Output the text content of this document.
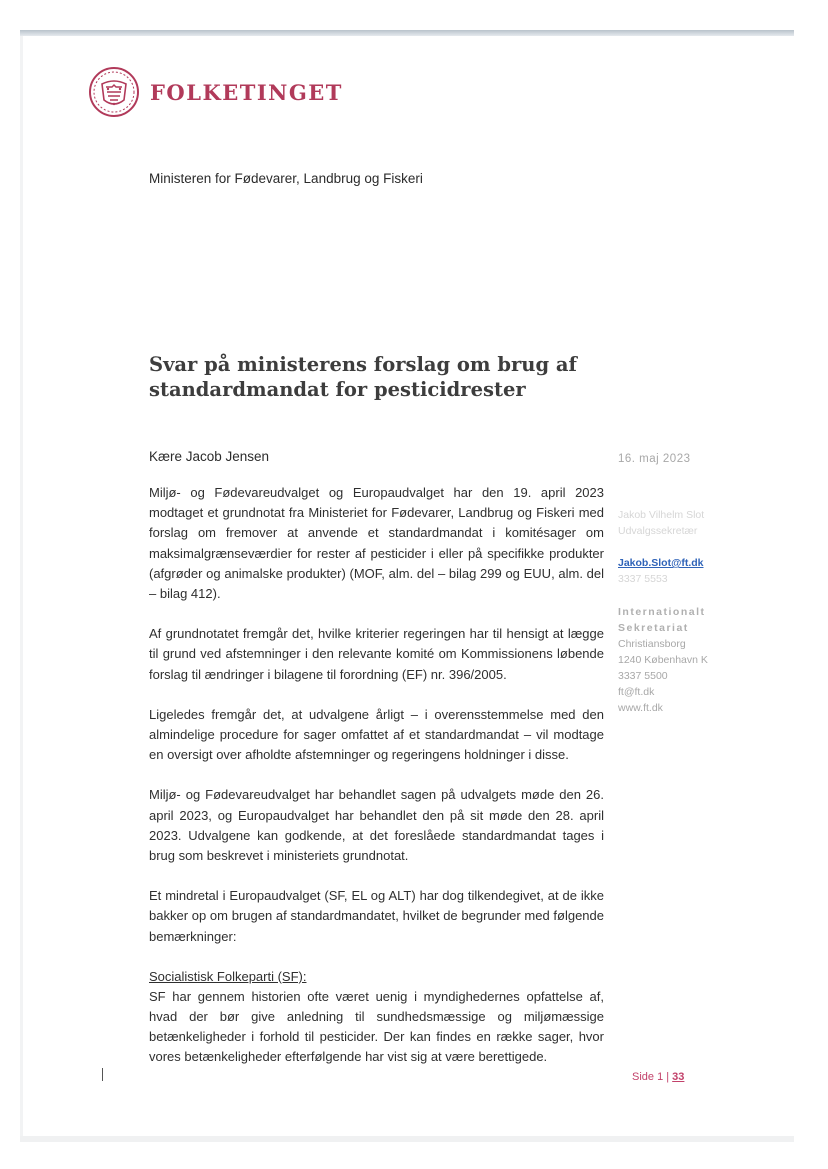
FOLKETINGET
Ministeren for Fødevarer, Landbrug og Fiskeri
Svar på ministerens forslag om brug af standardmandat for pesticidrester

Kære Jacob Jensen

Miljø- og Fødevareudvalget og Europaudvalget har den 19. april 2023 modtaget et grundnotat fra Ministeriet for Fødevarer, Landbrug og Fiskeri med forslag om fremover at anvende et standardmandat i komitésager om maksimalgrænseværdier for rester af pesticider i eller på specifikke produkter (afgrøder og animalske produkter) (MOF, alm. del – bilag 299 og EUU, alm. del – bilag 412).

Af grundnotatet fremgår det, hvilke kriterier regeringen har til hensigt at lægge til grund ved afstemninger i den relevante komité om Kommissionens løbende forslag til ændringer i bilagene til forordning (EF) nr. 396/2005.

Ligeledes fremgår det, at udvalgene årligt – i overensstemmelse med den almindelige procedure for sager omfattet af et standardmandat – vil modtage en oversigt over afholdte afstemninger og regeringens holdninger i disse.

Miljø- og Fødevareudvalget har behandlet sagen på udvalgets møde den 26. april 2023, og Europaudvalget har behandlet den på sit møde den 28. april 2023. Udvalgene kan godkende, at det foreslåede standardmandat tages i brug som beskrevet i ministeriets grundnotat.

Et mindretal i Europaudvalget (SF, EL og ALT) har dog tilkendegivet, at de ikke bakker op om brugen af standardmandatet, hvilket de begrunder med følgende bemærkninger:

Socialistisk Folkeparti (SF):

SF har gennem historien ofte været uenig i myndighedernes opfattelse af, hvad der bør give anledning til sundhedsmæssige og miljømæssige betænkeligheder i forhold til pesticider. Der kan findes en række sager, hvor vores betænkeligheder efterfølgende har vist sig at være berettigede.

16. maj 2023
Jakob Vilhelm Slot
Udvalgssekretær
Jakob.Slot@ft.dk
3337 5553
Internationalt
Sekretariat
Christiansborg
1240 København K
3337 5500
ft@ft.dk
www.ft.dk
Side 1 | 33
